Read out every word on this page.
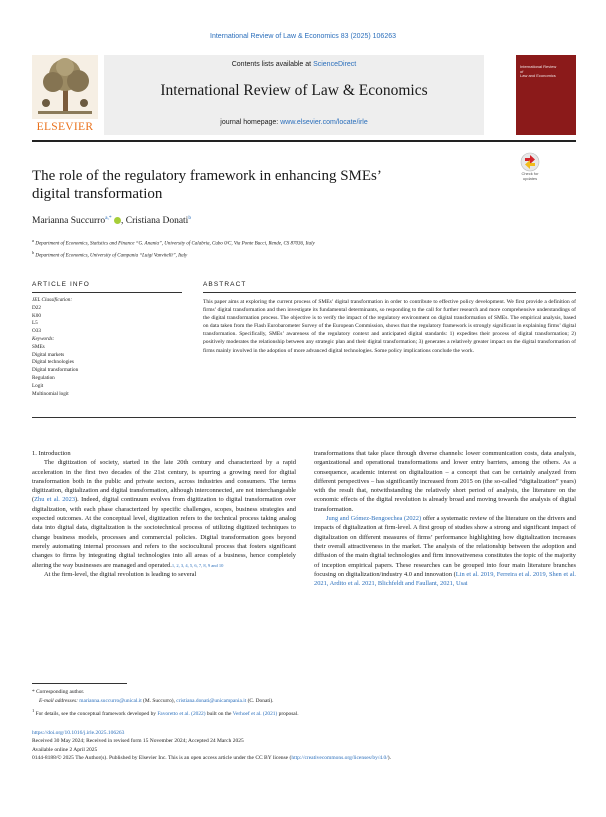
International Review of Law & Economics 83 (2025) 106263
ELSEVIER
Contents lists available at ScienceDirect
International Review of Law & Economics
journal homepage: www.elsevier.com/locate/irle
International Review
of
Law and Economics
The role of the regulatory framework in enhancing SMEs’
digital transformation
Check for
updates
Marianna Succurro$^{a,*}$ , Cristiana Donati$^b$
$^a$ Department of Economics, Statistics and Finance “G. Anania”, University of Calabria, Cubo 0/C, Via Ponte Bucci, Rende, CS 87036, Italy
$^b$ Department of Economics, University of Campania “Luigi Vanvitelli”, Italy
ARTICLE INFO	ABSTRACT
JEL Classification:
D22
K00
L5
O33
Keywords:
SMEs
Digital markets
Digital technologies
Digital transformation
Regulation
Logit
Multinomial logit
This paper aims at exploring the current process of SMEs’ digital transformation in order to contribute to effective policy development. We first provide a definition of firms’ digital transformation and then investigate its fundamental determinants, so responding to the call for further research and more comprehensive understandings of the digital transformation process. The objective is to verify the impact of the regulatory environment on digital transformation of SMEs. The empirical analysis, based on data taken from the Flash Eurobarometer Survey of the European Commission, shows that the regulatory framework is strongly significant in explaining firms’ digital transformation. Specifically, SMEs’ awareness of the regulatory context and anticipated digital standards: 1) expedites their process of digital transformation; 2) positively moderates the relationship between any strategic plan and their digital transformation; 3) generates a relatively greater impact on the digital transformation of firms mainly involved in the adoption of more advanced digital technologies. Some policy implications conclude the work.

1. Introduction

The digitization of society, started in the late 20th century and characterized by a rapid acceleration in the first two decades of the 21st century, is spurring a growing need for digital transformation both in the public and private sectors, across industries and consumers. The terms digitization, digitalization and digital transformation, although interconnected, are not interchangeable (Zhu et al. 2023). Indeed, digital continuum evolves from digitization to digital transformation over digitalization, with each phase characterized by specific challenges, scopes, business strategies and expected outcomes. At the conceptual level, digitization refers to the technical process taking analog data into digital data, digitalization is the sociotechnical process of utilizing digitized techniques to change business models, processes and commercial policies. Digital transformation goes beyond merely automating internal processes and refers to the sociocultural process that fosters significant changes to firms by integrating digital technologies into all areas of a business, hence completely altering the way businesses are managed and operated.$^{1, 2, 3, 4, 5, 6, 7, 8, 9 and 10}$

At the firm-level, the digital revolution is leading to several

transformations that take place through diverse channels: lower communication costs, data analysis, organizational and operational transformations and lower entry barriers, among the others. As a consequence, academic interest on digitalization – a concept that can be certainly analyzed from different perspectives – has significantly increased from 2015 on (the so-called “digitalization” years) with the result that, notwithstanding the relatively short period of analysis, the literature on the economic effects of the digital revolution is already broad and moving towards the analysis of digital transformation.

Jung and Gómez-Bengoechea (2022) offer a systematic review of the literature on the drivers and impacts of digitalization at firm-level. A first group of studies show a strong and significant impact of digitalization on different measures of firms’ performance highlighting how digitalization increases their overall attractiveness in the market. The analysis of the relationship between the adoption and diffusion of the main digital technologies and firm innovativeness constitutes the topic of the majority of inception empirical papers. These researches can be grouped into four main literature branches focusing on digitalization/industry 4.0 and innovation (Lin et al. 2019, Ferreira et al. 2019, Shen et al. 2021, Ardito et al. 2021, Blichfeldt and Faullant, 2021, Usai

* Corresponding author.
E-mail addresses: marianna.succurro@unical.it (M. Succurro), cristiana.donati@unicampania.it (C. Donati).
$^1$ For details, see the conceptual framework developed by Favoretto et al. (2022) built on the Verhoef et al. (2021) proposal.
https://doi.org/10.1016/j.irle.2025.106263
Received 30 May 2024; Received in revised form 15 November 2024; Accepted 24 March 2025
Available online 2 April 2025
0144-8188/© 2025 The Author(s). Published by Elsevier Inc. This is an open access article under the CC BY license (http://creativecommons.org/licenses/by/4.0/).
